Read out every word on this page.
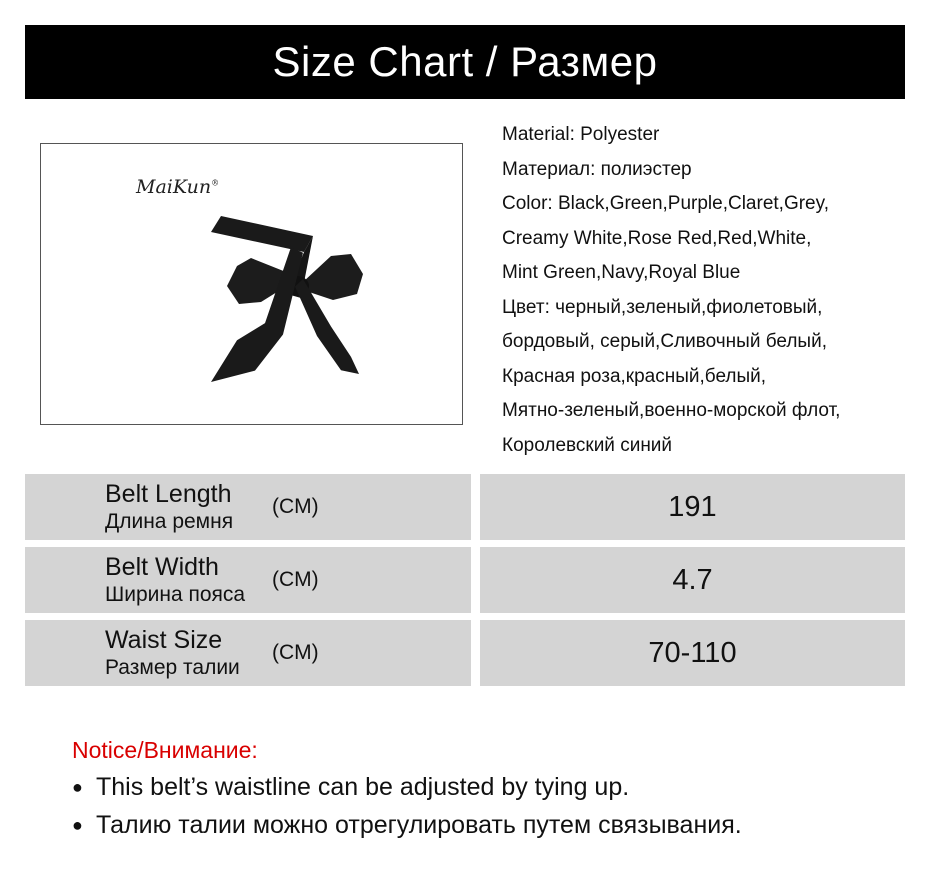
Size Chart / Размер
MaiKun®
Material: Polyester
Материал: полиэстер
Color: Black,Green,Purple,Claret,Grey,
Creamy White,Rose Red,Red,White,
Mint Green,Navy,Royal Blue
Цвет: черный,зеленый,фиолетовый,
бордовый, серый,Сливочный белый,
Красная роза,красный,белый,
Мятно-зеленый,военно-морской флот,
Королевский синий
Belt Length
Длина ремня
(CM)	191
Belt Width
Ширина пояса
(CM)	4.7
Waist Size
Размер талии
(CM)	70-110
Notice/Внимание:
● This belt’s waistline can be adjusted by tying up.
● Талию талии можно отрегулировать путем связывания.
